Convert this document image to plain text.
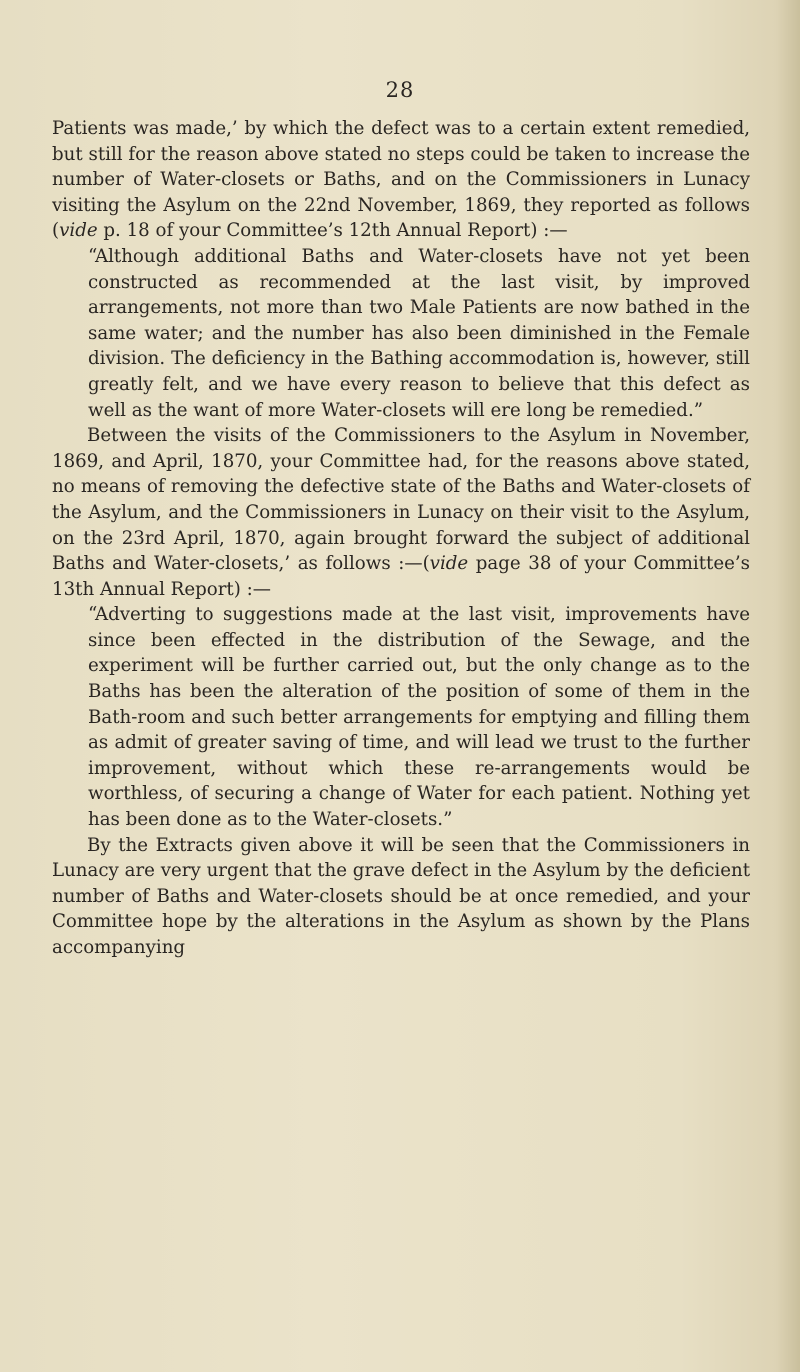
28

Patients was made,’ by which the defect was to a certain extent remedied, but still for the reason above stated no steps could be taken to increase the number of Water-closets or Baths, and on the Commissioners in Lunacy visiting the Asylum on the 22nd November, 1869, they reported as follows (vide p. 18 of your Committee’s 12th Annual Report) :—

“Although additional Baths and Water-closets have not yet been constructed as recommended at the last visit, by improved arrangements, not more than two Male Patients are now bathed in the same water; and the number has also been diminished in the Female division. The deficiency in the Bathing accommodation is, however, still greatly felt, and we have every reason to believe that this defect as well as the want of more Water-closets will ere long be remedied.”

Between the visits of the Commissioners to the Asylum in November, 1869, and April, 1870, your Committee had, for the reasons above stated, no means of removing the defective state of the Baths and Water-closets of the Asylum, and the Commissioners in Lunacy on their visit to the Asylum, on the 23rd April, 1870, again brought forward the subject of additional Baths and Water-closets,’ as follows :—(vide page 38 of your Committee’s 13th Annual Report) :—

“Adverting to suggestions made at the last visit, improvements have since been effected in the distribution of the Sewage, and the experiment will be further carried out, but the only change as to the Baths has been the alteration of the position of some of them in the Bath-room and such better arrangements for emptying and filling them as admit of greater saving of time, and will lead we trust to the further improvement, without which these re-arrangements would be worthless, of securing a change of Water for each patient. Nothing yet has been done as to the Water-closets.”

By the Extracts given above it will be seen that the Commissioners in Lunacy are very urgent that the grave defect in the Asylum by the deficient number of Baths and Water-closets should be at once remedied, and your Committee hope by the alterations in the Asylum as shown by the Plans accompanying
